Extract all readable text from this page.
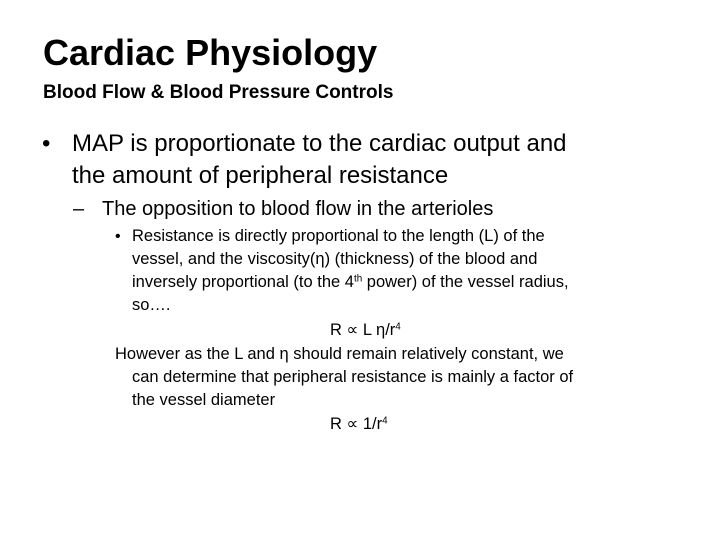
Cardiac Physiology
Blood Flow & Blood Pressure Controls
• MAP is proportionate to the cardiac output and
the amount of peripheral resistance
– The opposition to blood flow in the arterioles
• Resistance is directly proportional to the length (L) of the
vessel, and the viscosity(η) (thickness) of the blood and
inversely proportional (to the 4th power) of the vessel radius,
so….
R ∝ L $\eta/r^4$
However as the L and η should remain relatively constant, we
can determine that peripheral resistance is mainly a factor of
the vessel diameter
$R \propto 1/r^4$
